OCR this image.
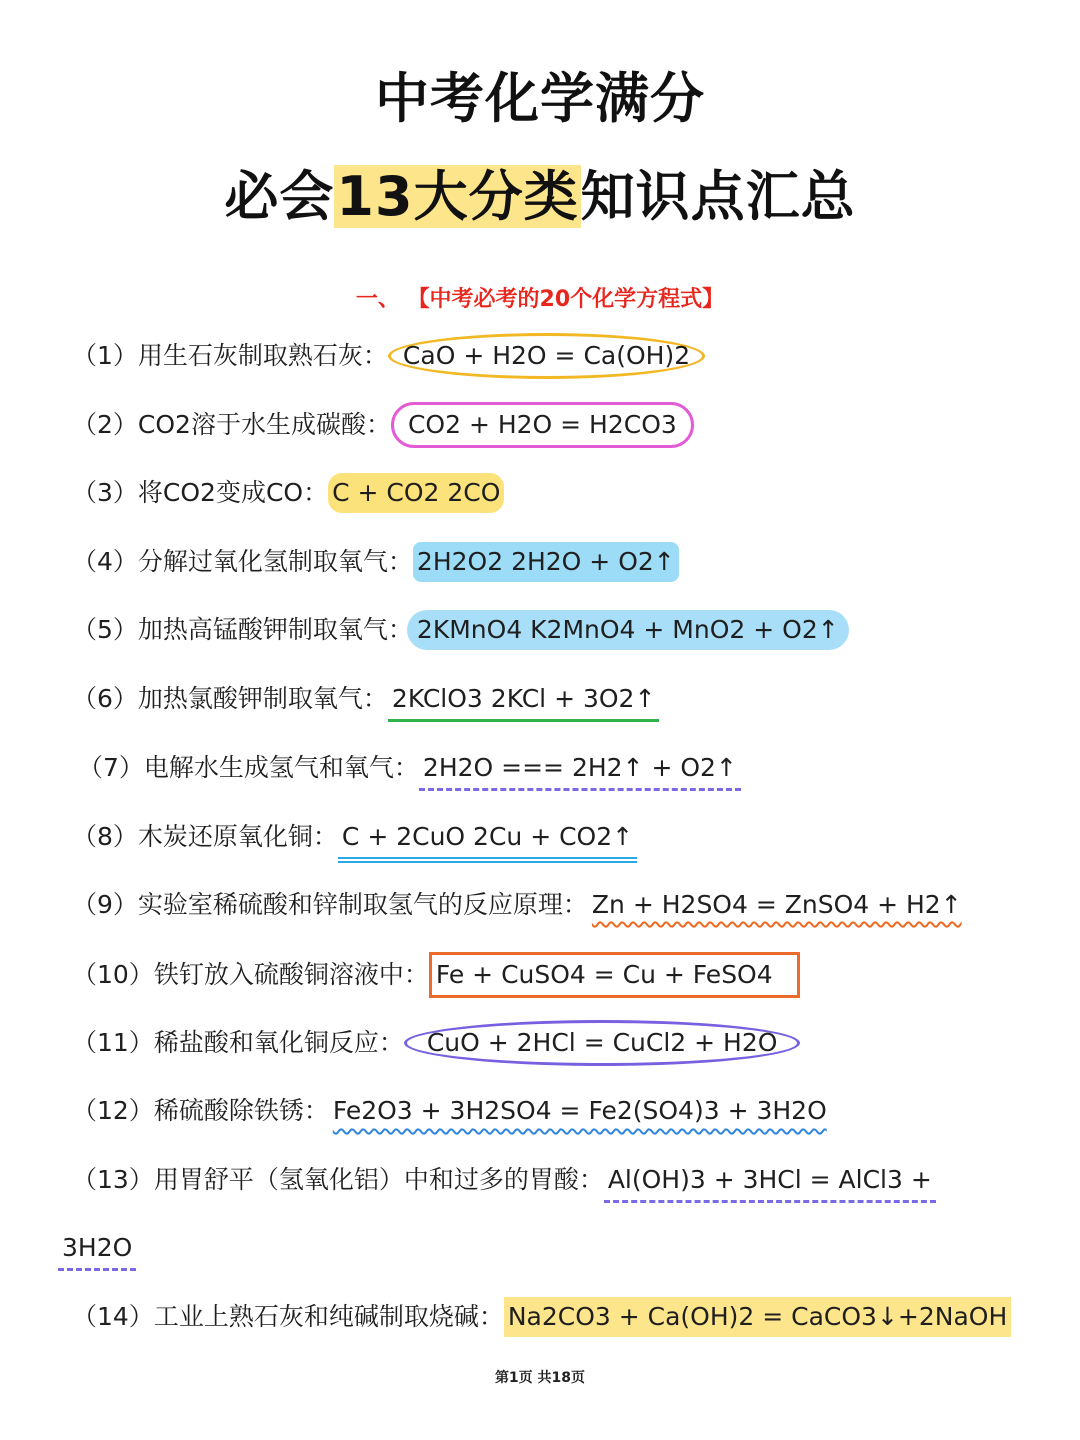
中考化学满分
必会13大分类知识点汇总
一、 【中考必考的20个化学方程式】
（1）用生石灰制取熟石灰： CaO + H2O = Ca(OH)2
（2）CO2溶于水生成碳酸： CO2 + H2O = H2CO3
（3）将CO2变成CO： C + CO2 2CO
（4）分解过氧化氢制取氧气： 2H2O2 2H2O + O2↑
（5）加热高锰酸钾制取氧气： 2KMnO4 K2MnO4 + MnO2 + O2↑
（6）加热氯酸钾制取氧气： 2KClO3 2KCl + 3O2↑
（7）电解水生成氢气和氧气： 2H2O === 2H2↑ + O2↑
（8）木炭还原氧化铜： C + 2CuO 2Cu + CO2↑
（9）实验室稀硫酸和锌制取氢气的反应原理： Zn + H2SO4 = ZnSO4 + H2↑
（10）铁钉放入硫酸铜溶液中： Fe + CuSO4 = Cu + FeSO4
（11）稀盐酸和氧化铜反应： CuO + 2HCl = CuCl2 + H2O
（12）稀硫酸除铁锈： Fe2O3 + 3H2SO4 = Fe2(SO4)3 + 3H2O
（13）用胃舒平（氢氧化铝）中和过多的胃酸： Al(OH)3 + 3HCl = AlCl3 +
3H2O
（14）工业上熟石灰和纯碱制取烧碱： Na2CO3 + Ca(OH)2 = CaCO3↓+2NaOH
第1页 共18页
